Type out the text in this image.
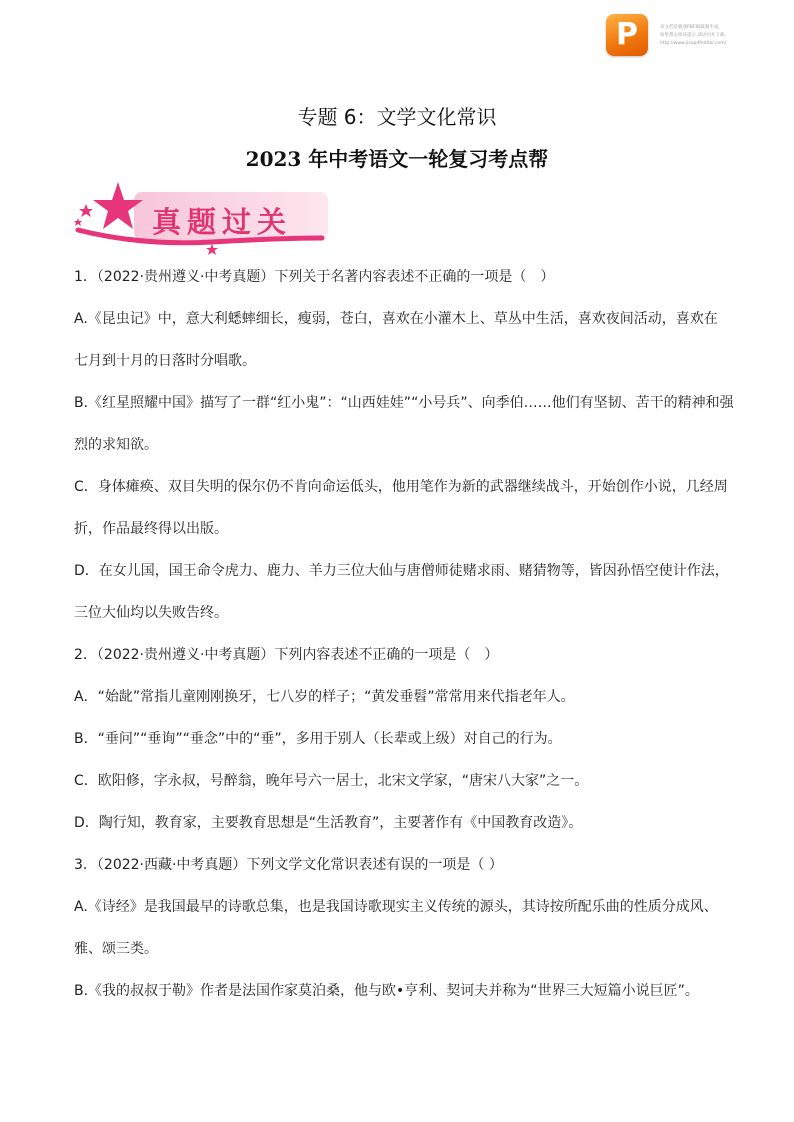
P	该文档是极速PDF编辑器生成,
如果想去掉该提示,请访问并下载:
http://www.jisupdfeditor.com/
专题 6：文学文化常识
2023 年中考语文一轮复习考点帮
真题过关
1．（2022·贵州遵义·中考真题）下列关于名著内容表述不正确的一项是（　）
A.《昆虫记》中，意大利蟋蟀细长，瘦弱，苍白，喜欢在小灌木上、草丛中生活，喜欢夜间活动，喜欢在
七月到十月的日落时分唱歌。
B.《红星照耀中国》描写了一群“红小鬼”：“山西娃娃”“小号兵”、向季伯……他们有坚韧、苦干的精神和强
烈的求知欲。
C．身体瘫痪、双目失明的保尔仍不肯向命运低头，他用笔作为新的武器继续战斗，开始创作小说，几经周
折，作品最终得以出版。
D．在女儿国，国王命令虎力、鹿力、羊力三位大仙与唐僧师徒赌求雨、赌猜物等，皆因孙悟空使计作法，
三位大仙均以失败告终。
2．（2022·贵州遵义·中考真题）下列内容表述不正确的一项是（　）
A．“始龀”常指儿童刚刚换牙，七八岁的样子；“黄发垂髫”常常用来代指老年人。
B．“垂问”“垂询”“垂念”中的“垂”，多用于别人（长辈或上级）对自己的行为。
C．欧阳修，字永叔，号醉翁，晚年号六一居士，北宋文学家，“唐宋八大家”之一。
D．陶行知，教育家，主要教育思想是“生活教育”，主要著作有《中国教育改造》。
3．（2022·西藏·中考真题）下列文学文化常识表述有误的一项是（ ）
A.《诗经》是我国最早的诗歌总集，也是我国诗歌现实主义传统的源头，其诗按所配乐曲的性质分成风、
雅、颂三类。
B.《我的叔叔于勒》作者是法国作家莫泊桑，他与欧•亨利、契诃夫并称为“世界三大短篇小说巨匠”。
